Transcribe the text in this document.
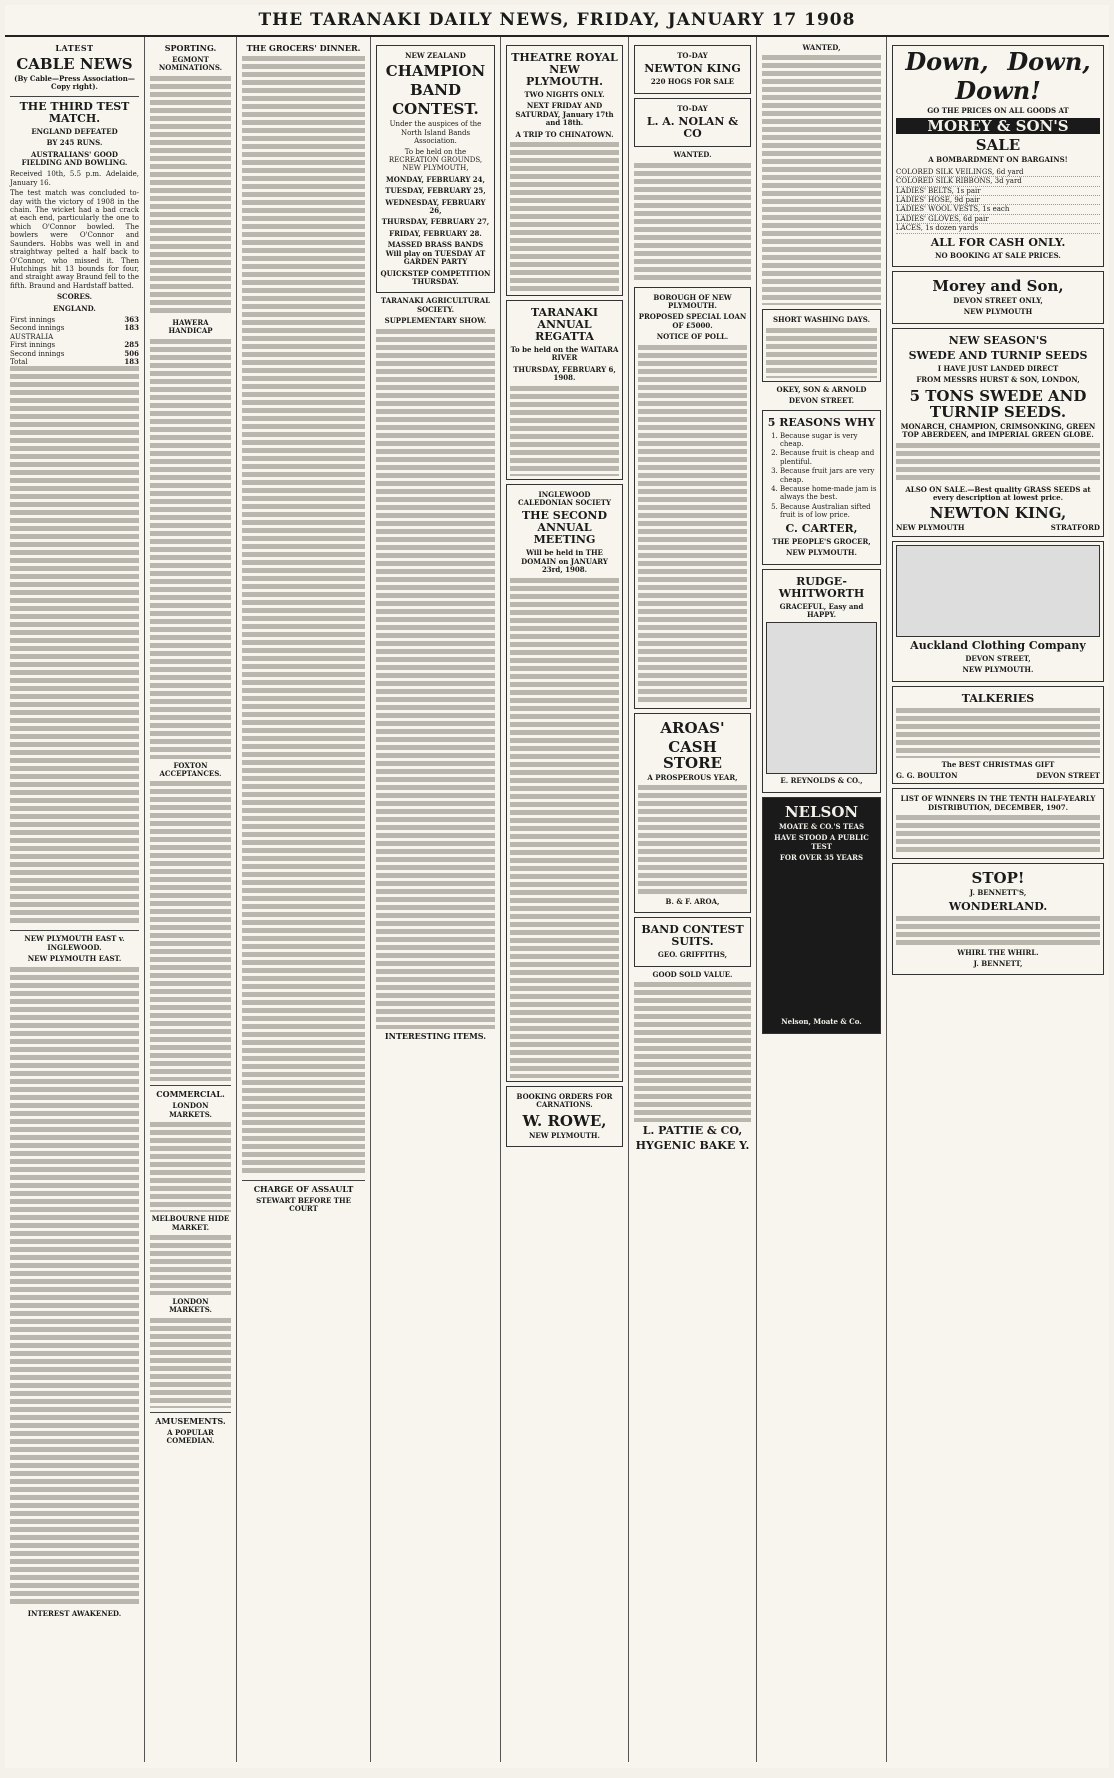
THE TARANAKI DAILY NEWS, FRIDAY, JANUARY 17 1908
LATEST
CABLE NEWS
(By Cable—Press Association—Copy right).
THE THIRD TEST MATCH.
ENGLAND DEFEATED
BY 245 RUNS.
AUSTRALIANS' GOOD FIELDING AND BOWLING.
Received 10th, 5.5 p.m. Adelaide, January 16.
The test match was concluded to-day with the victory of 1908 in the chain. The wicket had a bad crack at each end, particularly the one to which O'Connor bowled. The bowlers were O'Connor and Saunders. Hobbs was well in and straightway pelted a half back to O'Connor, who missed it. Then Hutchings hit 13 bounds for four, and straight away Braund fell to the fifth. Braund and Hardstaff batted.
SCORES.
ENGLAND.
First innings	363
Second innings	183
AUSTRALIA
First innings	285
Second innings	506
Total	183
NEW PLYMOUTH EAST v. INGLEWOOD.
NEW PLYMOUTH EAST.
INTEREST AWAKENED.
SPORTING.
EGMONT NOMINATIONS.
HAWERA HANDICAP
FOXTON ACCEPTANCES.
COMMERCIAL.
LONDON MARKETS.
MELBOURNE HIDE MARKET.
LONDON MARKETS.
AMUSEMENTS.
A POPULAR COMEDIAN.
THE GROCERS' DINNER.
CHARGE OF ASSAULT
STEWART BEFORE THE COURT
NEW ZEALAND
CHAMPION
BAND
CONTEST.
Under the auspices of the North Island Bands Association.
To be held on the RECREATION GROUNDS, NEW PLYMOUTH,
MONDAY, FEBRUARY 24,
TUESDAY, FEBRUARY 25,
WEDNESDAY, FEBRUARY 26,
THURSDAY, FEBRUARY 27,
FRIDAY, FEBRUARY 28.
MASSED BRASS BANDS Will play on TUESDAY AT GARDEN PARTY
QUICKSTEP COMPETITION THURSDAY.
TARANAKI AGRICULTURAL SOCIETY.
SUPPLEMENTARY SHOW.
INTERESTING ITEMS.
THEATRE ROYAL NEW PLYMOUTH.
TWO NIGHTS ONLY.
NEXT FRIDAY AND SATURDAY, January 17th and 18th.
A TRIP TO CHINATOWN.
TARANAKI ANNUAL REGATTA
To be held on the WAITARA RIVER
THURSDAY, FEBRUARY 6, 1908.
INGLEWOOD CALEDONIAN SOCIETY
THE SECOND ANNUAL MEETING
Will be held in THE DOMAIN on JANUARY 23rd, 1908.
BOOKING ORDERS FOR CARNATIONS.
W. ROWE,
NEW PLYMOUTH.
TO-DAY
NEWTON KING
220 HOGS FOR SALE
TO-DAY
L. A. NOLAN & CO
WANTED.
BOROUGH OF NEW PLYMOUTH.
PROPOSED SPECIAL LOAN OF £5000.
NOTICE OF POLL.
AROAS'
CASH STORE
A PROSPEROUS YEAR,
B. & F. AROA,
BAND CONTEST SUITS.
GEO. GRIFFITHS,
GOOD SOLD VALUE.
L. PATTIE & CO,
HYGENIC BAKE Y.
WANTED,
SHORT WASHING DAYS.
OKEY, SON & ARNOLD
DEVON STREET.
5 REASONS WHY
1. Because sugar is very cheap.
2. Because fruit is cheap and plentiful.
3. Because fruit jars are very cheap.
4. Because home-made jam is always the best.
5. Because Australian sifted fruit is of low price.
C. CARTER,
THE PEOPLE'S GROCER,
NEW PLYMOUTH.
RUDGE-WHITWORTH
GRACEFUL, Easy and HAPPY.
E. REYNOLDS & CO.,
NELSON
MOATE & CO.'S TEAS
HAVE STOOD A PUBLIC TEST
FOR OVER 35 YEARS
Nelson, Moate & Co.
Down, Down,
Down!
GO THE PRICES ON ALL GOODS AT
MOREY & SON'S
SALE
A BOMBARDMENT ON BARGAINS!
COLORED SILK VEILINGS, 6d yard
COLORED SILK RIBBONS, 3d yard
LADIES' BELTS, 1s pair
LADIES' HOSE, 9d pair
LADIES' WOOL VESTS, 1s each
LADIES' GLOVES, 6d pair
LACES, 1s dozen yards
ALL FOR CASH ONLY.
NO BOOKING AT SALE PRICES.
Morey and Son,
DEVON STREET ONLY,
NEW PLYMOUTH
NEW SEASON'S
SWEDE AND TURNIP SEEDS
I HAVE JUST LANDED DIRECT
FROM MESSRS HURST & SON, LONDON,
5 TONS SWEDE AND TURNIP SEEDS.
MONARCH, CHAMPION, CRIMSONKING, GREEN TOP ABERDEEN, and IMPERIAL GREEN GLOBE.
ALSO ON SALE.—Best quality GRASS SEEDS at every description at lowest price.
NEWTON KING,
NEW PLYMOUTH	STRATFORD
Auckland Clothing Company
DEVON STREET,
NEW PLYMOUTH.
TALKERIES
The BEST CHRISTMAS GIFT
G. G. BOULTON	DEVON STREET
LIST OF WINNERS IN THE TENTH HALF-YEARLY DISTRIBUTION, DECEMBER, 1907.
STOP!
J. BENNETT'S,
WONDERLAND.
WHIRL THE WHIRL.
J. BENNETT,
